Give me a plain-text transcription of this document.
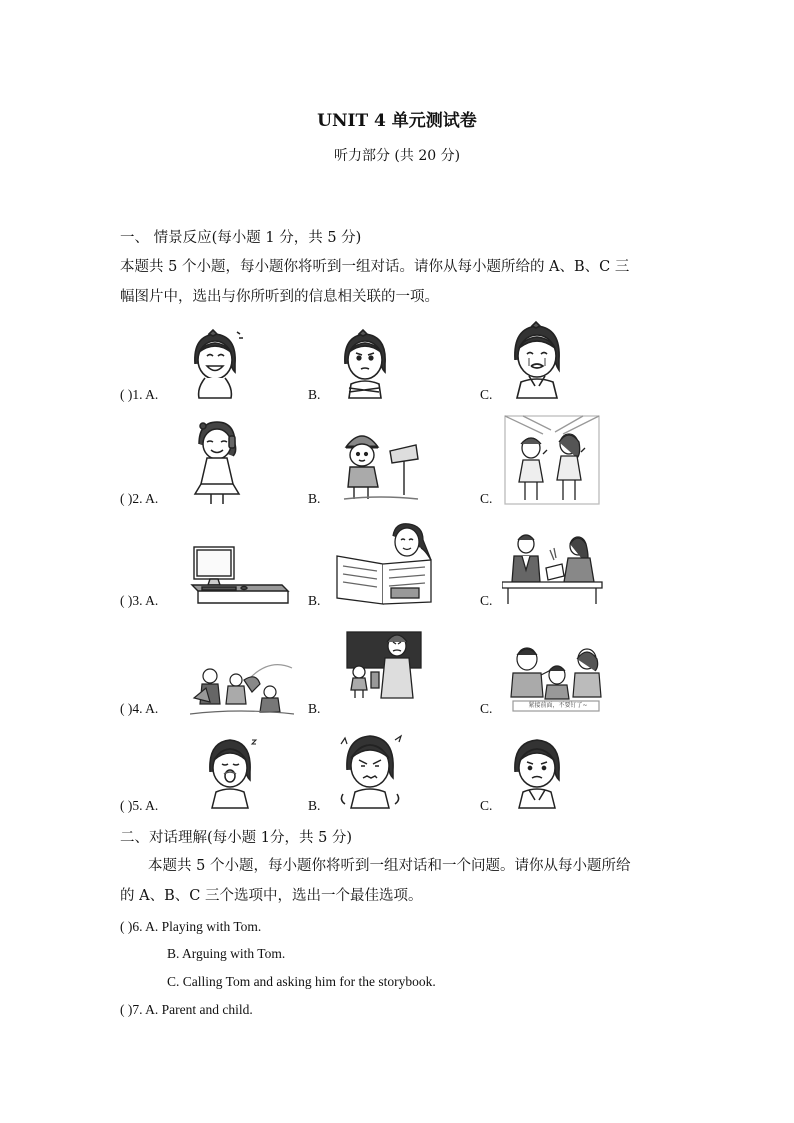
UNIT 4 单元测试卷
听力部分 (共 20 分)
一、 情景反应(每小题 1 分，共 5 分)
本题共 5 个小题，每小题你将听到一组对话。请你从每小题所给的 A、B、C 三
幅图片中，选出与你所听到的信息相关联的一项。
( )1. A.	B.	C.
( )2. A.	B.	C.
( )3. A.	B.	C.
( )4. A.	B.	C.	紧接前面，不要钉了~
( )5. A.	B.	C.
二、对话理解(每小题 1分，共 5 分)
本题共 5 个小题，每小题你将听到一组对话和一个问题。请你从每小题所给
的 A、B、C 三个选项中，选出一个最佳选项。
( )6. A. Playing with Tom.
B. Arguing with Tom.
C. Calling Tom and asking him for the storybook.
( )7. A. Parent and child.
